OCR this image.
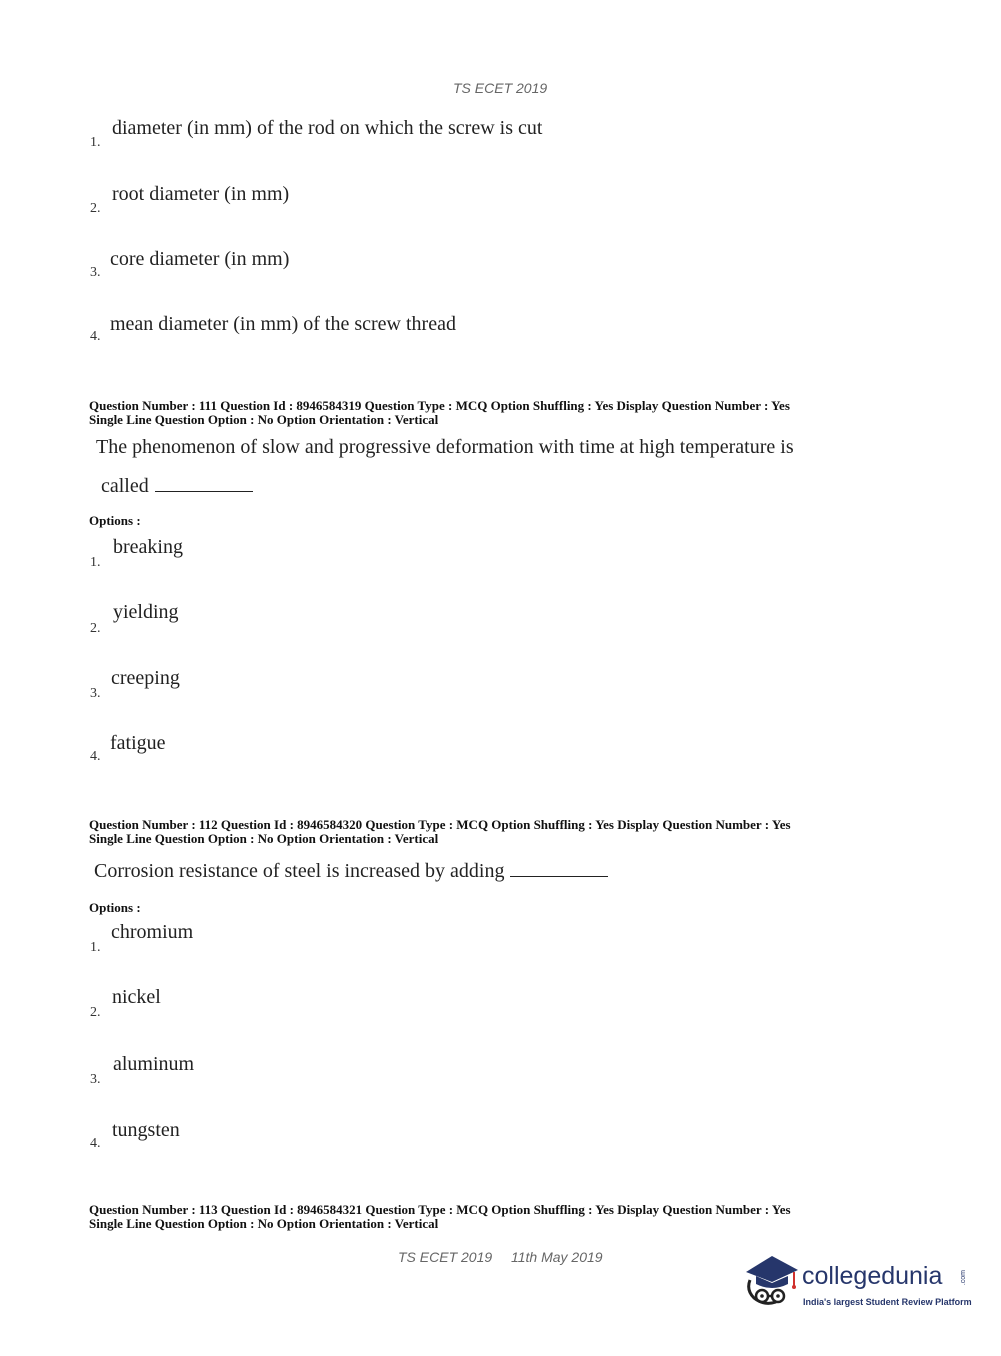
TS ECET 2019
1.
diameter (in mm) of the rod on which the screw is cut
2.
root diameter (in mm)
3.
core diameter (in mm)
4.
mean diameter (in mm) of the screw thread
Question Number : 111 Question Id : 8946584319 Question Type : MCQ Option Shuffling : Yes Display Question Number : Yes
Single Line Question Option : No Option Orientation : Vertical
The phenomenon of slow and progressive deformation with time at high temperature is
called
Options :
1.
breaking
2.
yielding
3.
creeping
4.
fatigue
Question Number : 112 Question Id : 8946584320 Question Type : MCQ Option Shuffling : Yes Display Question Number : Yes
Single Line Question Option : No Option Orientation : Vertical
Corrosion resistance of steel is increased by adding
Options :
1.
chromium
2.
nickel
3.
aluminum
4.
tungsten
Question Number : 113 Question Id : 8946584321 Question Type : MCQ Option Shuffling : Yes Display Question Number : Yes
Single Line Question Option : No Option Orientation : Vertical
TS ECET 2019 11th May 2019
collegedunia	.com
India's largest Student Review Platform
